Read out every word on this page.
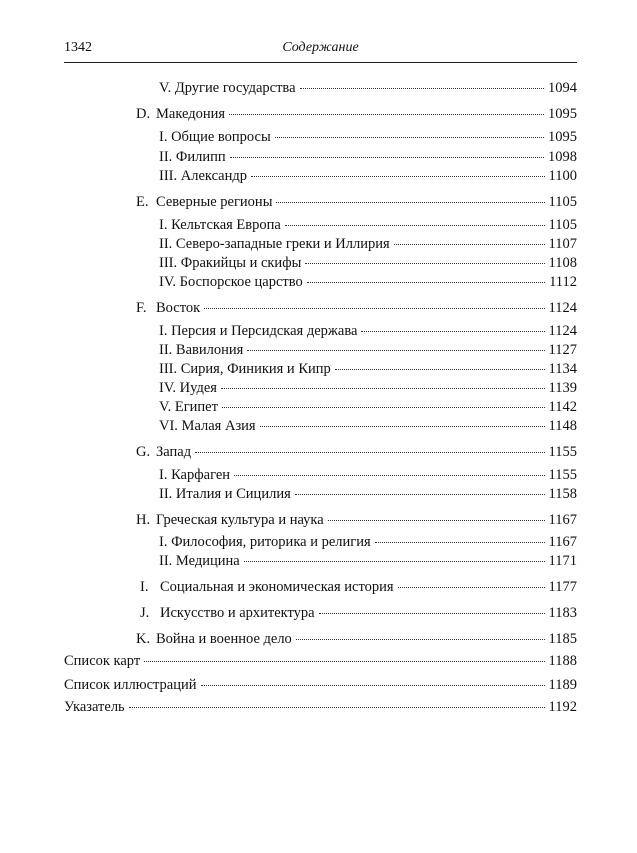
1342	Содержание
V. Другие государства	1094
D. Македония	1095
I. Общие вопросы	1095
II. Филипп	1098
III. Александр	1100
E. Северные регионы	1105
I. Кельтская Европа	1105
II. Северо-западные греки и Иллирия	1107
III. Фракийцы и скифы	1108
IV. Боспорское царство	1112
F. Восток	1124
I. Персия и Персидская держава	1124
II. Вавилония	1127
III. Сирия, Финикия и Кипр	1134
IV. Иудея	1139
V. Египет	1142
VI. Малая Азия	1148
G. Запад	1155
I. Карфаген	1155
II. Италия и Сицилия	1158
H. Греческая культура и наука	1167
I. Философия, риторика и религия	1167
II. Медицина	1171
I. Социальная и экономическая история	1177
J. Искусство и архитектура	1183
K. Война и военное дело	1185
Список карт	1188
Список иллюстраций	1189
Указатель	1192
